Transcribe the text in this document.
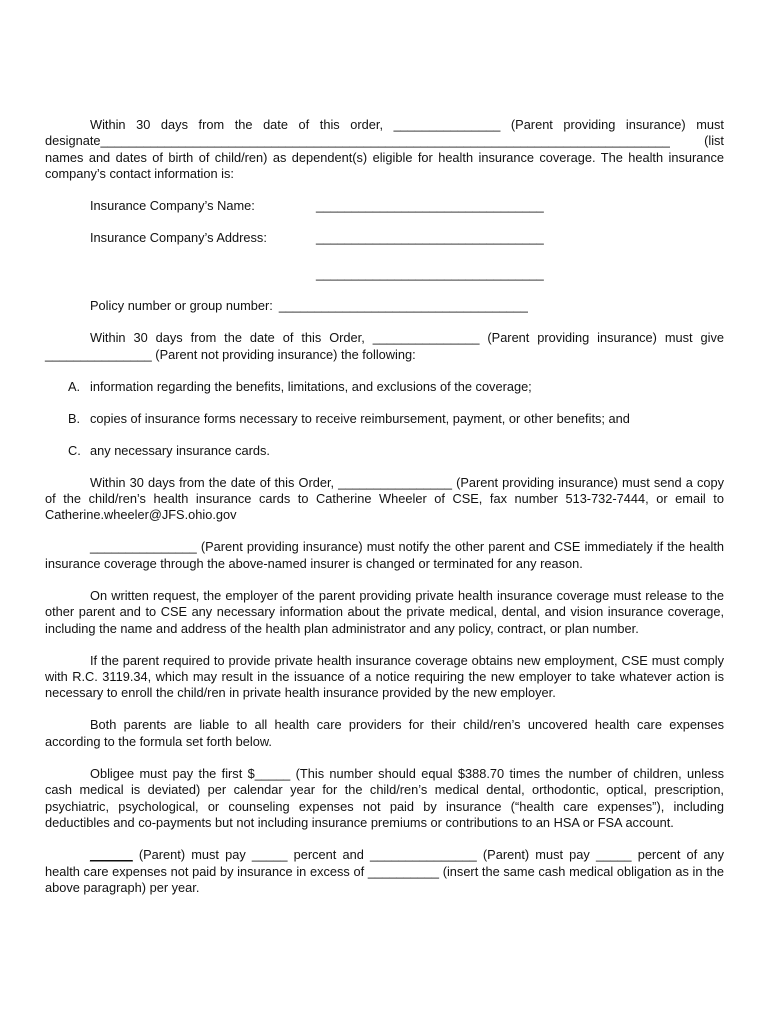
Within 30 days from the date of this order, _______________ (Parent providing insurance) must designate________________________________________________________________________________ (list names and dates of birth of child/ren) as dependent(s) eligible for health insurance coverage. The health insurance company’s contact information is:

Insurance Company’s Name:	________________________________
Insurance Company’s Address:	________________________________
________________________________
Policy number or group number: ___________________________________

Within 30 days from the date of this Order, _______________ (Parent providing insurance) must give _______________ (Parent not providing insurance) the following:

A. information regarding the benefits, limitations, and exclusions of the coverage;
B. copies of insurance forms necessary to receive reimbursement, payment, or other benefits; and
C. any necessary insurance cards.

Within 30 days from the date of this Order, ________________ (Parent providing insurance) must send a copy of the child/ren’s health insurance cards to Catherine Wheeler of CSE, fax number 513-732-7444, or email to Catherine.wheeler@JFS.ohio.gov

_______________ (Parent providing insurance) must notify the other parent and CSE immediately if the health insurance coverage through the above-named insurer is changed or terminated for any reason.

On written request, the employer of the parent providing private health insurance coverage must release to the other parent and to CSE any necessary information about the private medical, dental, and vision insurance coverage, including the name and address of the health plan administrator and any policy, contract, or plan number.

If the parent required to provide private health insurance coverage obtains new employment, CSE must comply with R.C. 3119.34, which may result in the issuance of a notice requiring the new employer to take whatever action is necessary to enroll the child/ren in private health insurance provided by the new employer.

Both parents are liable to all health care providers for their child/ren’s uncovered health care expenses according to the formula set forth below.

Obligee must pay the first $_____ (This number should equal $388.70 times the number of children, unless cash medical is deviated) per calendar year for the child/ren’s medical dental, orthodontic, optical, prescription, psychiatric, psychological, or counseling expenses not paid by insurance (“health care expenses”), including deductibles and co-payments but not including insurance premiums or contributions to an HSA or FSA account.

______ (Parent) must pay _____ percent and _______________ (Parent) must pay _____ percent of any health care expenses not paid by insurance in excess of __________ (insert the same cash medical obligation as in the above paragraph) per year.
